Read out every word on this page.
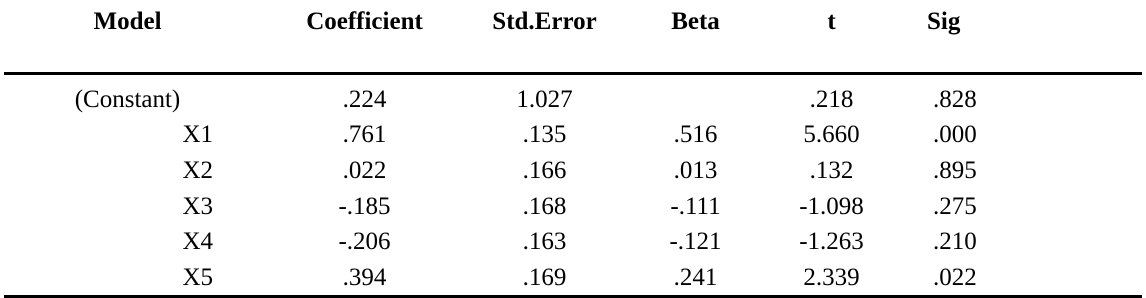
Model	Coefficient	Std.Error	Beta	t	Sig
(Constant)	.224	1.027		.218	.828
X1	.761	.135	.516	5.660	.000
X2	.022	.166	.013	.132	.895
X3	-.185	.168	-.111	-1.098	.275
X4	-.206	.163	-.121	-1.263	.210
X5	.394	.169	.241	2.339	.022
